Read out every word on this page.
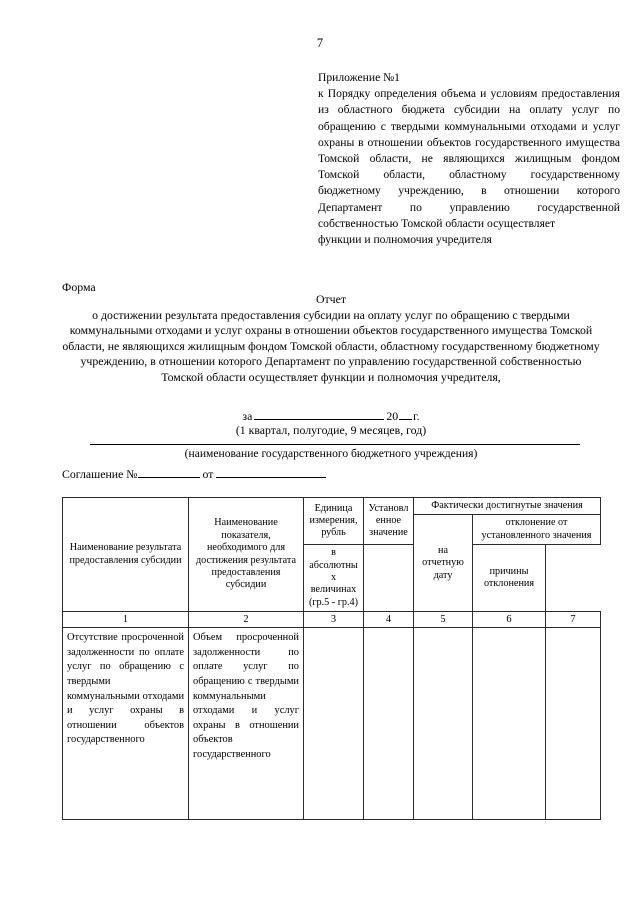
7
Приложение №1
к Порядку определения объема и условиям предоставления из областного бюджета субсидии на оплату услуг по обращению с твердыми коммунальными отходами и услуг охраны в отношении объектов государственного имущества Томской области, не являющихся жилищным фондом Томской области, областному государственному бюджетному учреждению, в отношении которого Департамент по управлению государственной собственностью Томской области осуществляет
функции и полномочия учредителя
Форма
Отчет
о достижении результата предоставления субсидии на оплату услуг по обращению с твердыми коммунальными отходами и услуг охраны в отношении объектов государственного имущества Томской области, не являющихся жилищным фондом Томской области, областному государственному бюджетному учреждению, в отношении которого Департамент по управлению государственной собственностью Томской области осуществляет функции и полномочия учредителя,
за	20 г.
(1 квартал, полугодие, 9 месяцев, год)
(наименование государственного бюджетного учреждения)
Соглашение №	от
Наименование результата предоставления субсидии	Наименование показателя, необходимого для достижения результата предоставления субсидии	Единица измерения, рубль	Установленное значение	Фактически достигнутые значения		
				на отчетную дату	отклонение от установленного значения	
		в абсолютных величинах (гр.5 - гр.4)			причины отклонения	

1	2	3	4	5	6	7
Отсутствие просроченной задолженности по оплате услуг по обращению с твердыми коммунальными отходами и услуг охраны в отношении объектов государственного	Объем просроченной задолженности по оплате услуг по обращению с твердыми коммунальными отходами и услуг охраны в отношении объектов государственного					
